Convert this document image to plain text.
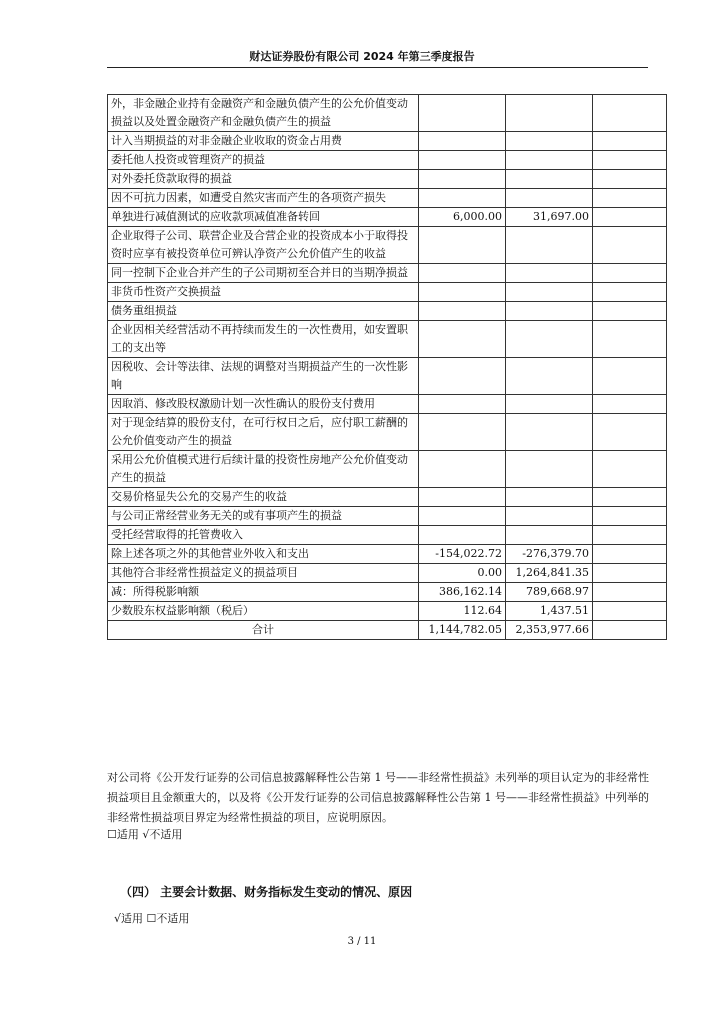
财达证券股份有限公司 2024 年第三季度报告
外，非金融企业持有金融资产和金融负债产生的公允价值变动损益以及处置金融资产和金融负债产生的损益			
计入当期损益的对非金融企业收取的资金占用费			
委托他人投资或管理资产的损益			
对外委托贷款取得的损益			
因不可抗力因素，如遭受自然灾害而产生的各项资产损失			
单独进行减值测试的应收款项减值准备转回	6,000.00	31,697.00	
企业取得子公司、联营企业及合营企业的投资成本小于取得投资时应享有被投资单位可辨认净资产公允价值产生的收益			
同一控制下企业合并产生的子公司期初至合并日的当期净损益			
非货币性资产交换损益			
债务重组损益			
企业因相关经营活动不再持续而发生的一次性费用，如安置职工的支出等			
因税收、会计等法律、法规的调整对当期损益产生的一次性影响			
因取消、修改股权激励计划一次性确认的股份支付费用			
对于现金结算的股份支付，在可行权日之后，应付职工薪酬的公允价值变动产生的损益			
采用公允价值模式进行后续计量的投资性房地产公允价值变动产生的损益			
交易价格显失公允的交易产生的收益			
与公司正常经营业务无关的或有事项产生的损益			
受托经营取得的托管费收入			
除上述各项之外的其他营业外收入和支出	-154,022.72	-276,379.70	
其他符合非经常性损益定义的损益项目	0.00	1,264,841.35	
减：所得税影响额	386,162.14	789,668.97	
少数股东权益影响额（税后）	112.64	1,437.51	
合计	1,144,782.05	2,353,977.66	

对公司将《公开发行证券的公司信息披露解释性公告第 1 号——非经常性损益》未列举的项目认定为的非经常性损益项目且金额重大的，以及将《公开发行证券的公司信息披露解释性公告第 1 号——非经常性损益》中列举的非经常性损益项目界定为经常性损益的项目，应说明原因。

☐适用 √不适用
（四） 主要会计数据、财务指标发生变动的情况、原因
√适用 ☐不适用
3 / 11
